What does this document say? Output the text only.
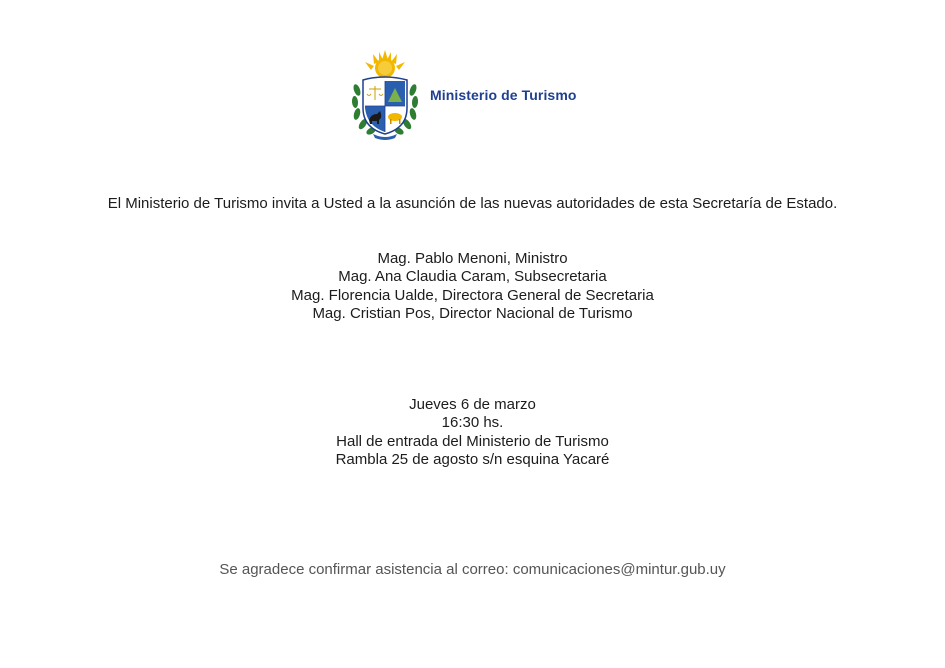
Ministerio de Turismo
El Ministerio de Turismo invita a Usted a la asunción de las nuevas autoridades de esta Secretaría de Estado.
Mag. Pablo Menoni, Ministro
Mag. Ana Claudia Caram, Subsecretaria
Mag. Florencia Ualde, Directora General de Secretaria
Mag. Cristian Pos, Director Nacional de Turismo
Jueves 6 de marzo
16:30 hs.
Hall de entrada del Ministerio de Turismo
Rambla 25 de agosto s/n esquina Yacaré
Se agradece confirmar asistencia al correo: comunicaciones@mintur.gub.uy
